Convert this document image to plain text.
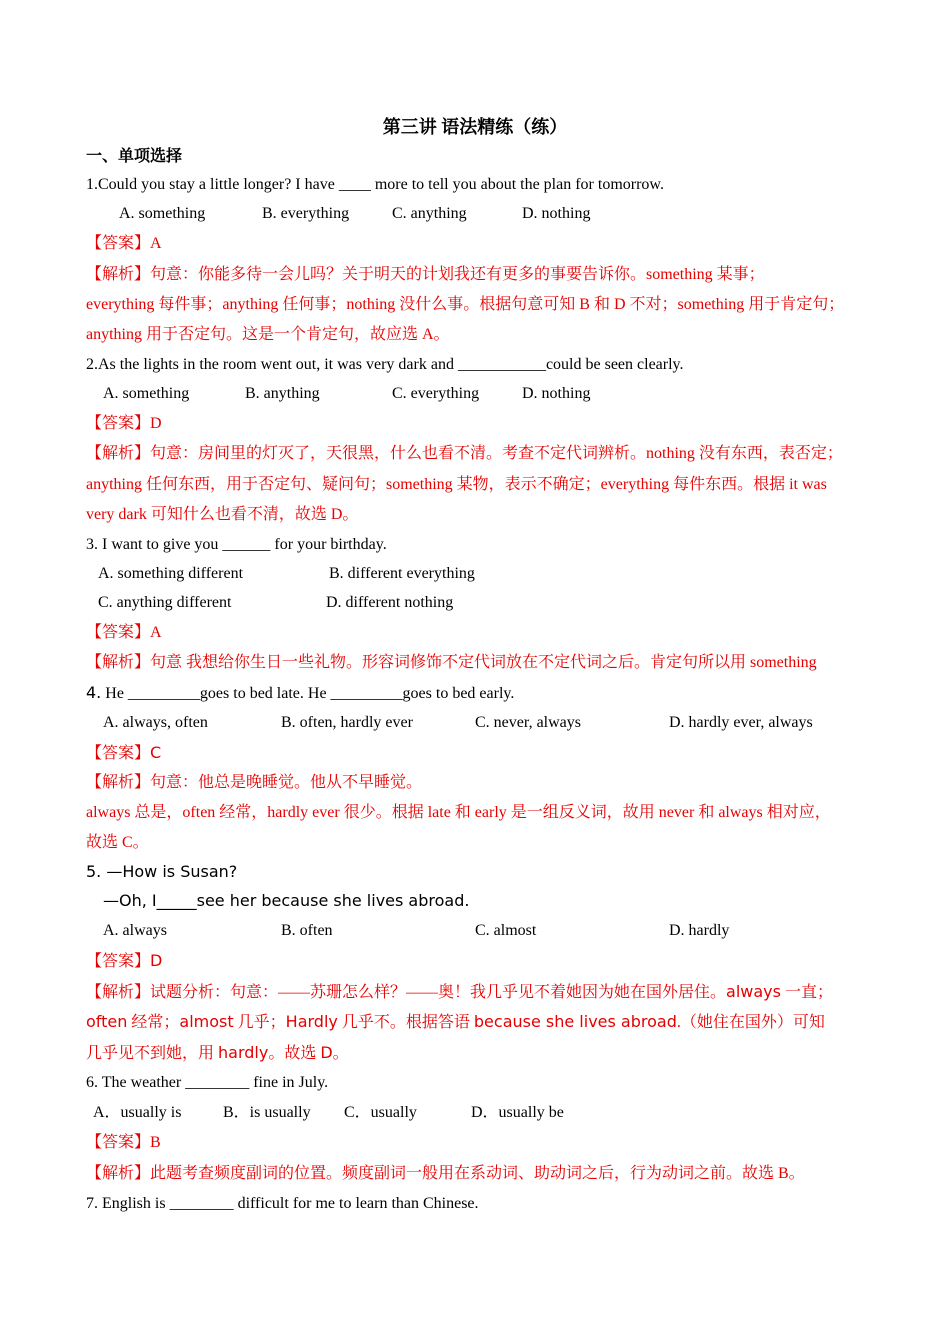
第三讲 语法精练（练）
一、单项选择
1.Could you stay a little longer? I have ____ more to tell you about the plan for tomorrow.
A. something	B. everything	C. anything	D. nothing
【答案】A
【解析】句意：你能多待一会儿吗？关于明天的计划我还有更多的事要告诉你。something 某事；
everything 每件事；anything 任何事；nothing 没什么事。根据句意可知 B 和 D 不对；something 用于肯定句；
anything 用于否定句。这是一个肯定句，故应选 A。
2.As the lights in the room went out, it was very dark and ___________could be seen clearly.
A. something	B. anything	C. everything	D. nothing
【答案】D
【解析】句意：房间里的灯灭了，天很黑，什么也看不清。考查不定代词辨析。nothing 没有东西，表否定；
anything 任何东西，用于否定句、疑问句；something 某物，表示不确定；everything 每件东西。根据 it was
very dark 可知什么也看不清，故选 D。
3. I want to give you ______ for your birthday.
A. something different	B. different everything
C. anything different	D. different nothing
【答案】A
【解析】句意 我想给你生日一些礼物。形容词修饰不定代词放在不定代词之后。肯定句所以用 something
4. He _________goes to bed late. He _________goes to bed early.
A. always, often	B. often, hardly ever	C. never, always	D. hardly ever, always
【答案】C
【解析】句意：他总是晚睡觉。他从不早睡觉。
always 总是，often 经常，hardly ever 很少。根据 late 和 early 是一组反义词，故用 never 和 always 相对应，
故选 C。
5. —How is Susan?
—Oh, I_____see her because she lives abroad.
A. always	B. often	C. almost	D. hardly
【答案】D
【解析】试题分析：句意：——苏珊怎么样？——奥！我几乎见不着她因为她在国外居住。always 一直；
often 经常；almost 几乎；Hardly 几乎不。根据答语 because she lives abroad.（她住在国外）可知
几乎见不到她，用 hardly。故选 D。
6. The weather ________ fine in July.
A．usually is	B．is usually C．usually	D．usually be
【答案】B
【解析】此题考查频度副词的位置。频度副词一般用在系动词、助动词之后，行为动词之前。故选 B。
7. English is ________ difficult for me to learn than Chinese.
